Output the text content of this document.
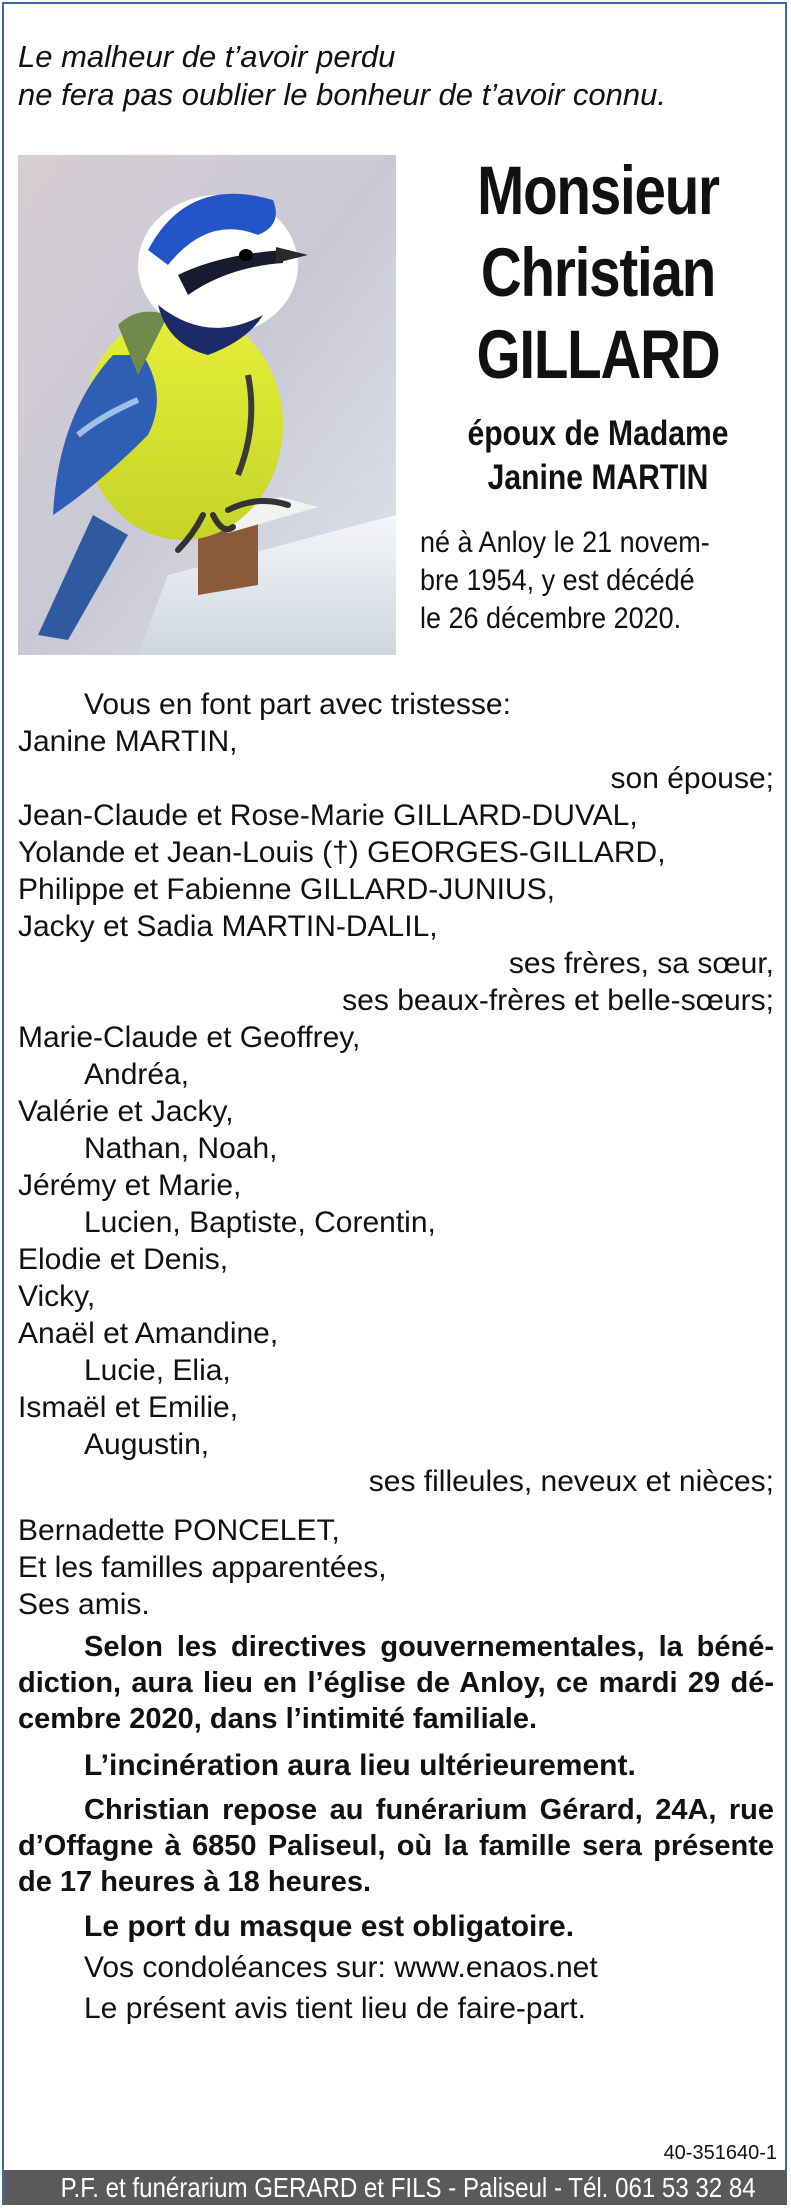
Le malheur de t’avoir perdu
ne fera pas oublier le bonheur de t’avoir connu.
Monsieur
Christian
GILLARD
époux de Madame
Janine MARTIN
né à Anloy le 21 novem-
bre 1954, y est décédé
le 26 décembre 2020.
Vous en font part avec tristesse:
Janine MARTIN,
son épouse;
Jean-Claude et Rose-Marie GILLARD-DUVAL,
Yolande et Jean-Louis (†) GEORGES-GILLARD,
Philippe et Fabienne GILLARD-JUNIUS,
Jacky et Sadia MARTIN-DALIL,
ses frères, sa sœur,
ses beaux-frères et belle-sœurs;
Marie-Claude et Geoffrey,
Andréa,
Valérie et Jacky,
Nathan, Noah,
Jérémy et Marie,
Lucien, Baptiste, Corentin,
Elodie et Denis,
Vicky,
Anaël et Amandine,
Lucie, Elia,
Ismaël et Emilie,
Augustin,
ses filleules, neveux et nièces;
Bernadette PONCELET,
Et les familles apparentées,
Ses amis.
Selon les directives gouvernementales, la béné-diction, aura lieu en l’église de Anloy, ce mardi 29 dé-cembre 2020, dans l’intimité familiale.
L’incinération aura lieu ultérieurement.
Christian repose au funérarium Gérard, 24A, rue d’Offagne à 6850 Paliseul, où la famille sera présente de 17 heures à 18 heures.
Le port du masque est obligatoire.
Vos condoléances sur: www.enaos.net
Le présent avis tient lieu de faire-part.
40-351640-1
P.F. et funérarium GERARD et FILS - Paliseul - Tél. 061 53 32 84
